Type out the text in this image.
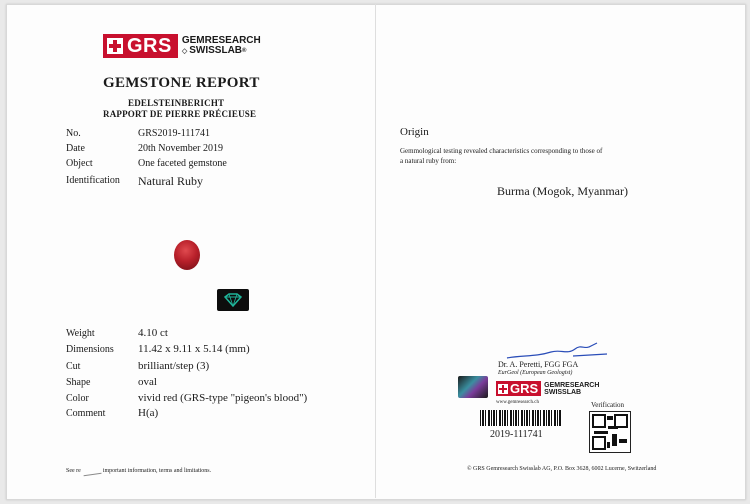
GRS GEMRESEARCH
◇ SWISSLAB ®
GEMSTONE REPORT
EDELSTEINBERICHT
RAPPORT DE PIERRE PRÉCIEUSE
No.	GRS2019-111741
Date	20th November 2019
Object	One faceted gemstone
Identification	Natural Ruby
Weight	4.10 ct
Dimensions	11.42 x 9.11 x 5.14 (mm)
Cut	brilliant/step (3)
Shape	oval
Color	vivid red (GRS-type "pigeon's blood")
Comment	H(a)
See re	important information, terms and limitations.
Origin
Gemmological testing revealed characteristics corresponding to those of
a natural ruby from:
Burma (Mogok, Myanmar)
Dr. A. Peretti, FGG FGA
EurGeol (European Geologist)
GRS GEMRESEARCH
SWISSLAB
www.gemresearch.ch
2019-111741
Verification
© GRS Gemresearch Swisslab AG, P.O. Box 3628, 6002 Lucerne, Switzerland
